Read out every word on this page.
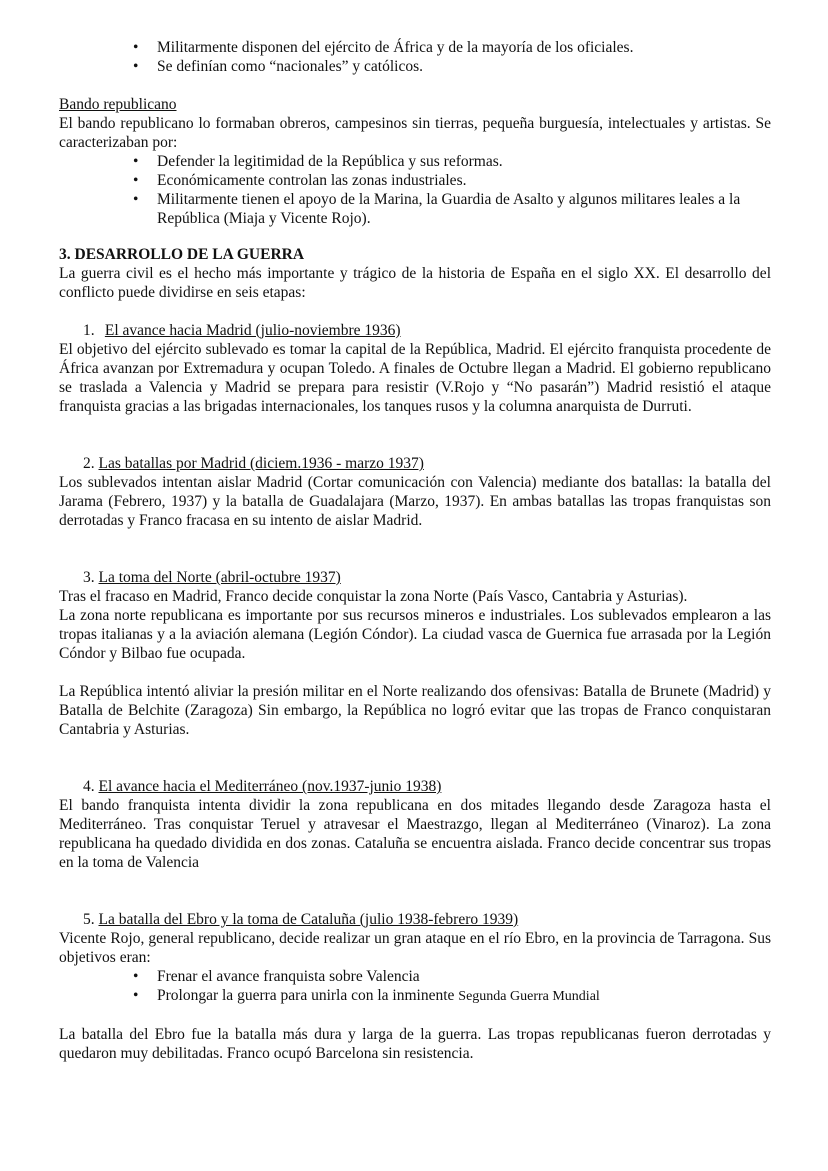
• Militarmente disponen del ejército de África y de la mayoría de los oficiales.
• Se definían como “nacionales” y católicos.

Bando republicano

El bando republicano lo formaban obreros, campesinos sin tierras, pequeña burguesía, intelectuales y artistas. Se caracterizaban por:

• Defender la legitimidad de la República y sus reformas.
• Económicamente controlan las zonas industriales.
• Militarmente tienen el apoyo de la Marina, la Guardia de Asalto y algunos militares leales a la República (Miaja y Vicente Rojo).

3. DESARROLLO DE LA GUERRA

La guerra civil es el hecho más importante y trágico de la historia de España en el siglo XX. El desarrollo del conflicto puede dividirse en seis etapas:

1. El avance hacia Madrid (julio-noviembre 1936)

El objetivo del ejército sublevado es tomar la capital de la República, Madrid. El ejército franquista procedente de África avanzan por Extremadura y ocupan Toledo. A finales de Octubre llegan a Madrid. El gobierno republicano se traslada a Valencia y Madrid se prepara para resistir (V.Rojo y “No pasarán”) Madrid resistió el ataque franquista gracias a las brigadas internacionales, los tanques rusos y la columna anarquista de Durruti.

2. Las batallas por Madrid (diciem.1936 - marzo 1937)

Los sublevados intentan aislar Madrid (Cortar comunicación con Valencia) mediante dos batallas: la batalla del Jarama (Febrero, 1937) y la batalla de Guadalajara (Marzo, 1937). En ambas batallas las tropas franquistas son derrotadas y Franco fracasa en su intento de aislar Madrid.

3. La toma del Norte (abril-octubre 1937)

Tras el fracaso en Madrid, Franco decide conquistar la zona Norte (País Vasco, Cantabria y Asturias).

La zona norte republicana es importante por sus recursos mineros e industriales. Los sublevados emplearon a las tropas italianas y a la aviación alemana (Legión Cóndor). La ciudad vasca de Guernica fue arrasada por la Legión Cóndor y Bilbao fue ocupada.

La República intentó aliviar la presión militar en el Norte realizando dos ofensivas: Batalla de Brunete (Madrid) y Batalla de Belchite (Zaragoza) Sin embargo, la República no logró evitar que las tropas de Franco conquistaran Cantabria y Asturias.

4. El avance hacia el Mediterráneo (nov.1937-junio 1938)

El bando franquista intenta dividir la zona republicana en dos mitades llegando desde Zaragoza hasta el Mediterráneo. Tras conquistar Teruel y atravesar el Maestrazgo, llegan al Mediterráneo (Vinaroz). La zona republicana ha quedado dividida en dos zonas. Cataluña se encuentra aislada. Franco decide concentrar sus tropas en la toma de Valencia

5. La batalla del Ebro y la toma de Cataluña (julio 1938-febrero 1939)

Vicente Rojo, general republicano, decide realizar un gran ataque en el río Ebro, en la provincia de Tarragona. Sus objetivos eran:

• Frenar el avance franquista sobre Valencia
• Prolongar la guerra para unirla con la inminente Segunda Guerra Mundial

La batalla del Ebro fue la batalla más dura y larga de la guerra. Las tropas republicanas fueron derrotadas y quedaron muy debilitadas. Franco ocupó Barcelona sin resistencia.
